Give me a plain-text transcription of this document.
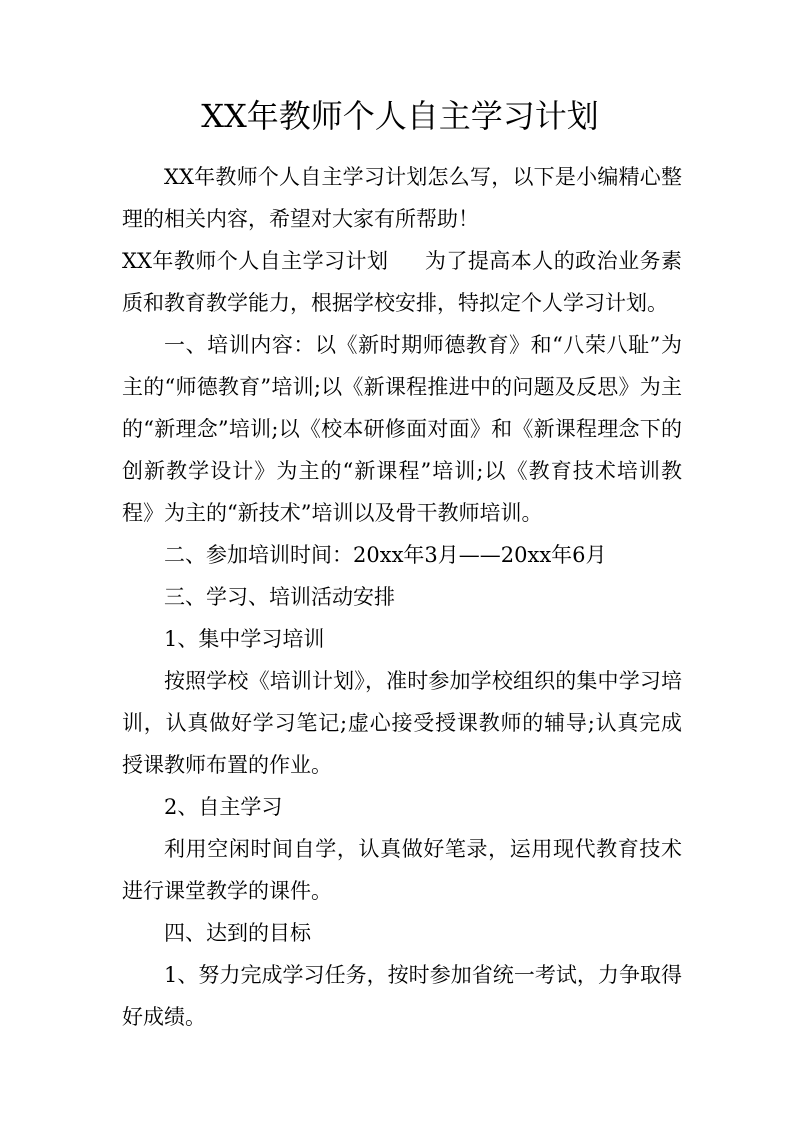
XX年教师个人自主学习计划

XX年教师个人自主学习计划怎么写，以下是小编精心整理的相关内容，希望对大家有所帮助！

XX年教师个人自主学习计划 为了提高本人的政治业务素质和教育教学能力，根据学校安排，特拟定个人学习计划。

一、培训内容：以《新时期师德教育》和“八荣八耻”为主的“师德教育”培训;以《新课程推进中的问题及反思》为主的“新理念”培训;以《校本研修面对面》和《新课程理念下的创新教学设计》为主的“新课程”培训;以《教育技术培训教程》为主的“新技术”培训以及骨干教师培训。

二、参加培训时间：20xx年3月——20xx年6月

三、学习、培训活动安排

1、集中学习培训

按照学校《培训计划》，准时参加学校组织的集中学习培训，认真做好学习笔记;虚心接受授课教师的辅导;认真完成授课教师布置的作业。

2、自主学习

利用空闲时间自学，认真做好笔录，运用现代教育技术进行课堂教学的课件。

四、达到的目标

1、努力完成学习任务，按时参加省统一考试，力争取得好成绩。
